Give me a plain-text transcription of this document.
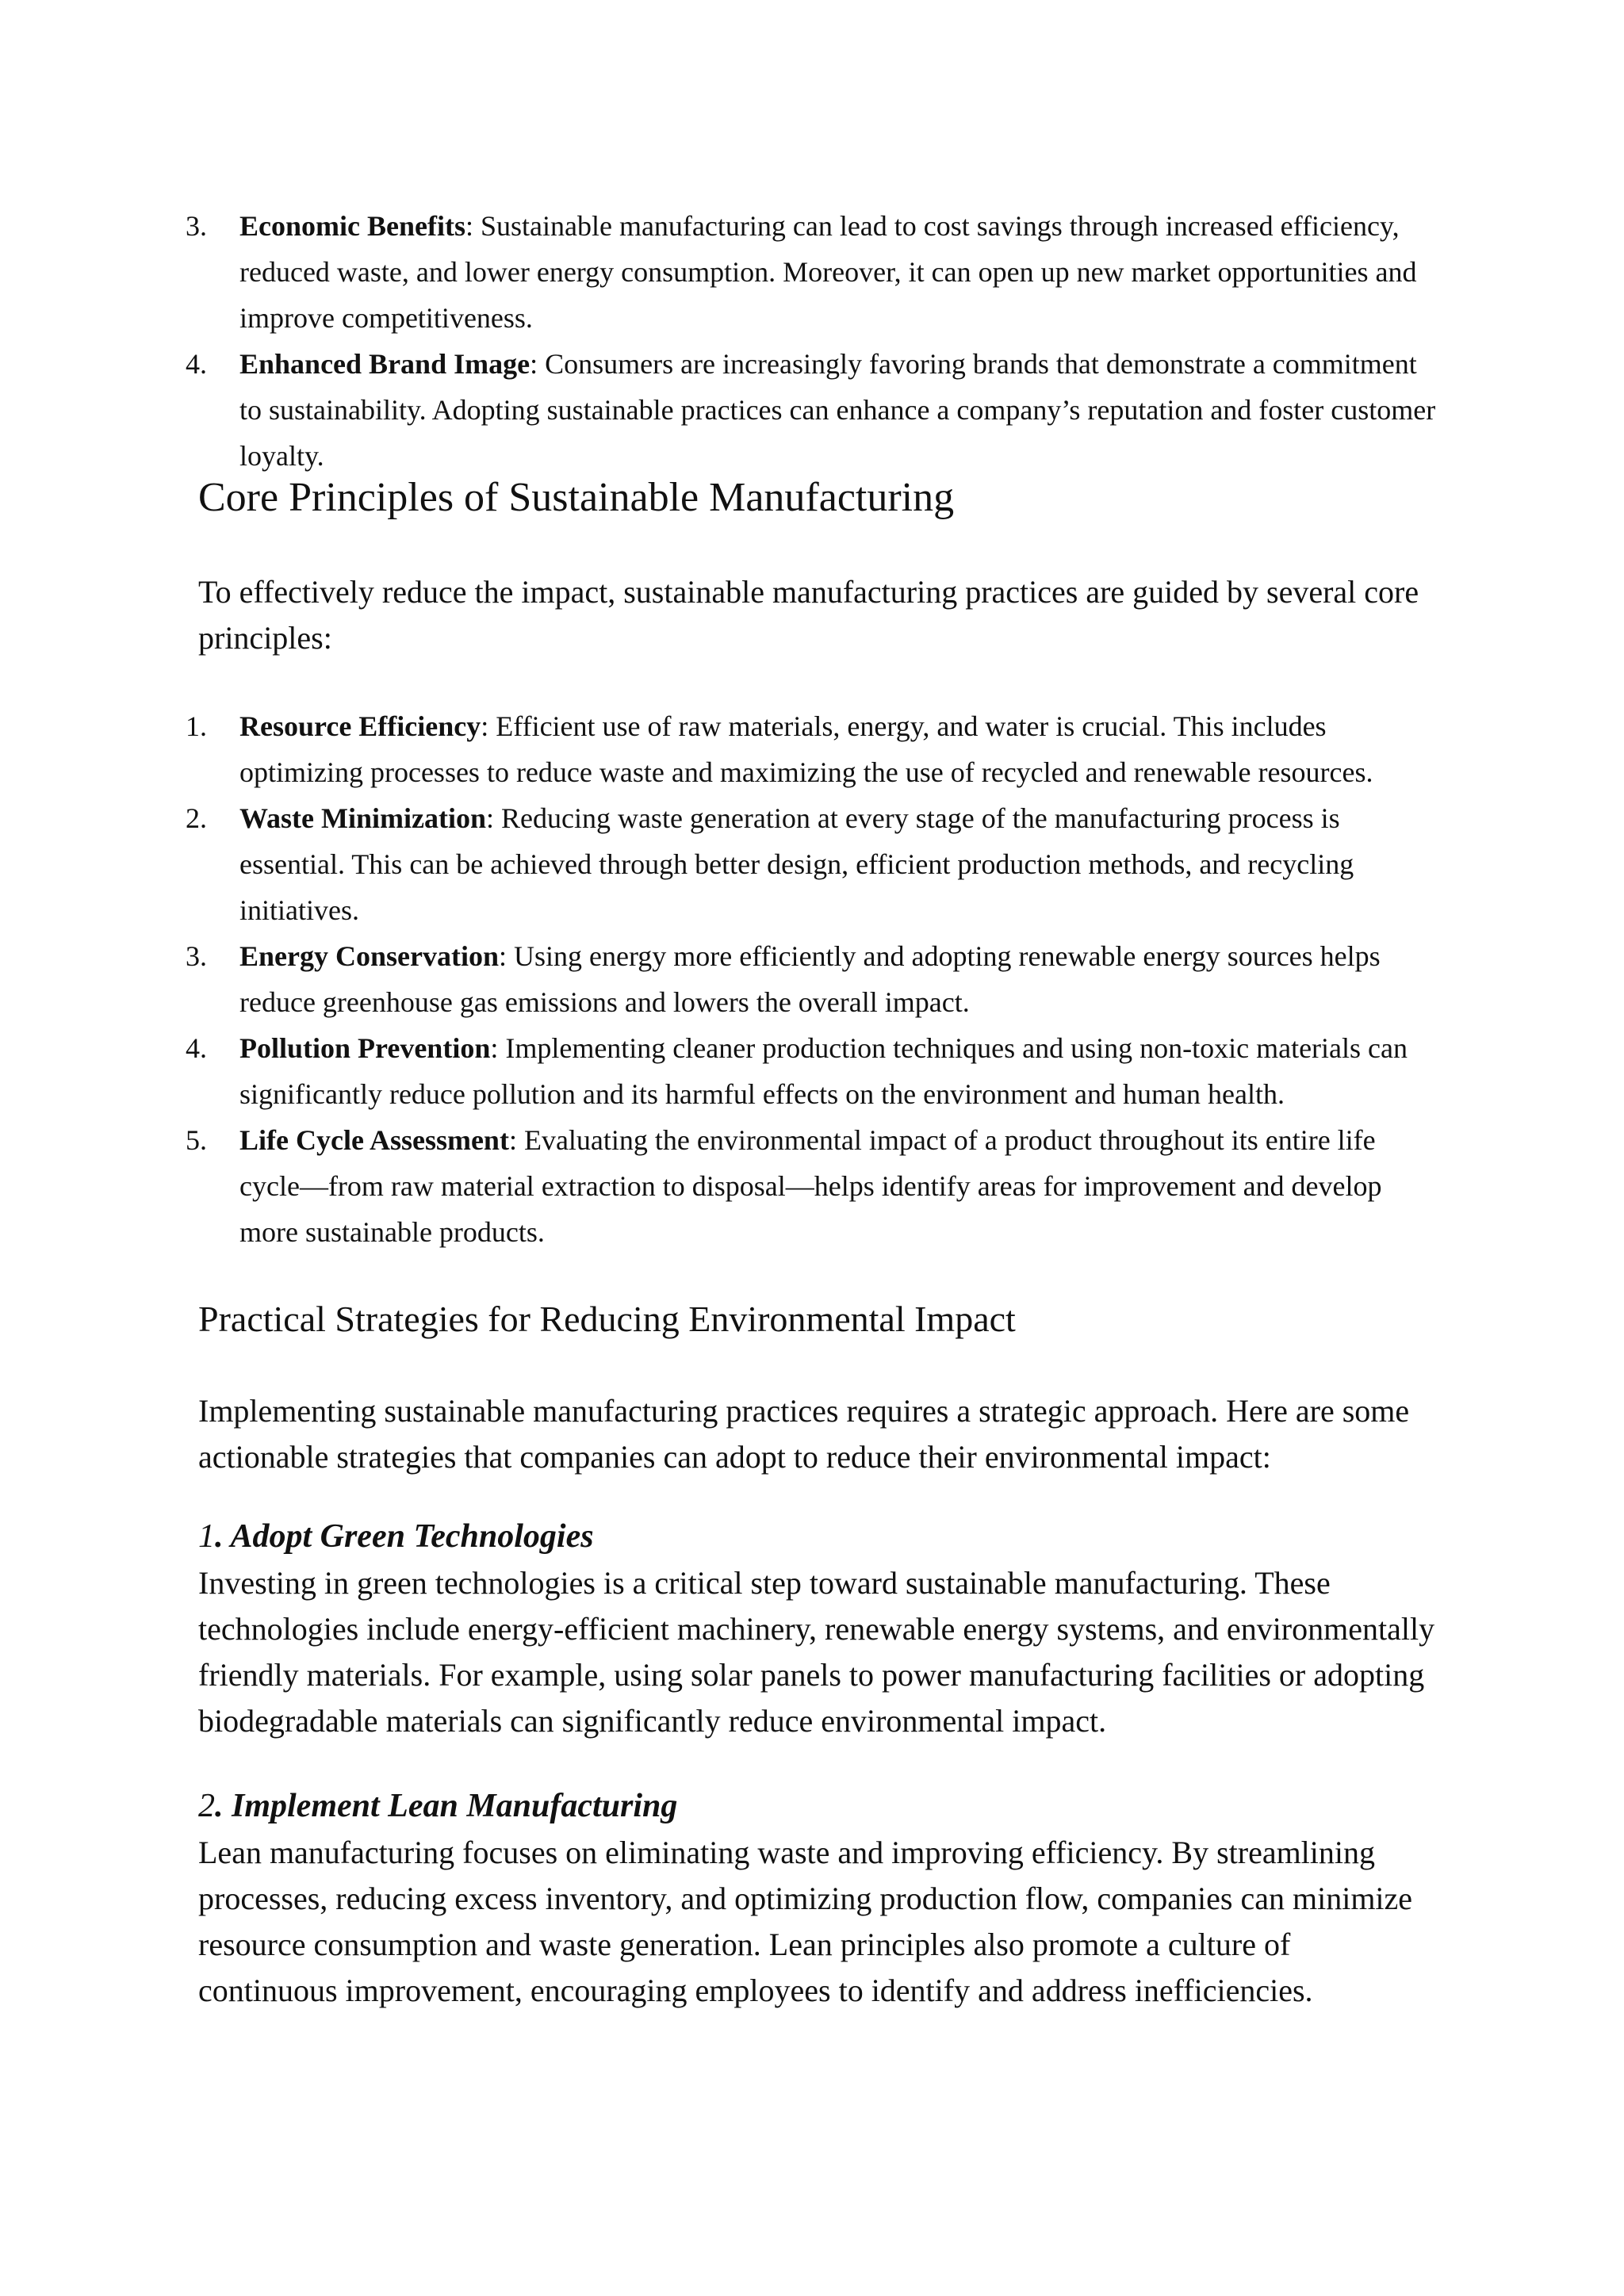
3. Economic Benefits: Sustainable manufacturing can lead to cost savings through increased efficiency, reduced waste, and lower energy consumption. Moreover, it can open up new market opportunities and improve competitiveness.
4. Enhanced Brand Image: Consumers are increasingly favoring brands that demonstrate a commitment to sustainability. Adopting sustainable practices can enhance a company’s reputation and foster customer loyalty.
Core Principles of Sustainable Manufacturing

To effectively reduce the impact, sustainable manufacturing practices are guided by several core principles:

1. Resource Efficiency: Efficient use of raw materials, energy, and water is crucial. This includes optimizing processes to reduce waste and maximizing the use of recycled and renewable resources.
2. Waste Minimization: Reducing waste generation at every stage of the manufacturing process is essential. This can be achieved through better design, efficient production methods, and recycling initiatives.
3. Energy Conservation: Using energy more efficiently and adopting renewable energy sources helps reduce greenhouse gas emissions and lowers the overall impact.
4. Pollution Prevention: Implementing cleaner production techniques and using non-toxic materials can significantly reduce pollution and its harmful effects on the environment and human health.
5. Life Cycle Assessment: Evaluating the environmental impact of a product throughout its entire life cycle—from raw material extraction to disposal—helps identify areas for improvement and develop more sustainable products.
Practical Strategies for Reducing Environmental Impact

Implementing sustainable manufacturing practices requires a strategic approach. Here are some actionable strategies that companies can adopt to reduce their environmental impact:

1. Adopt Green Technologies

Investing in green technologies is a critical step toward sustainable manufacturing. These technologies include energy-efficient machinery, renewable energy systems, and environmentally friendly materials. For example, using solar panels to power manufacturing facilities or adopting biodegradable materials can significantly reduce environmental impact.

2. Implement Lean Manufacturing

Lean manufacturing focuses on eliminating waste and improving efficiency. By streamlining processes, reducing excess inventory, and optimizing production flow, companies can minimize resource consumption and waste generation. Lean principles also promote a culture of continuous improvement, encouraging employees to identify and address inefficiencies.
